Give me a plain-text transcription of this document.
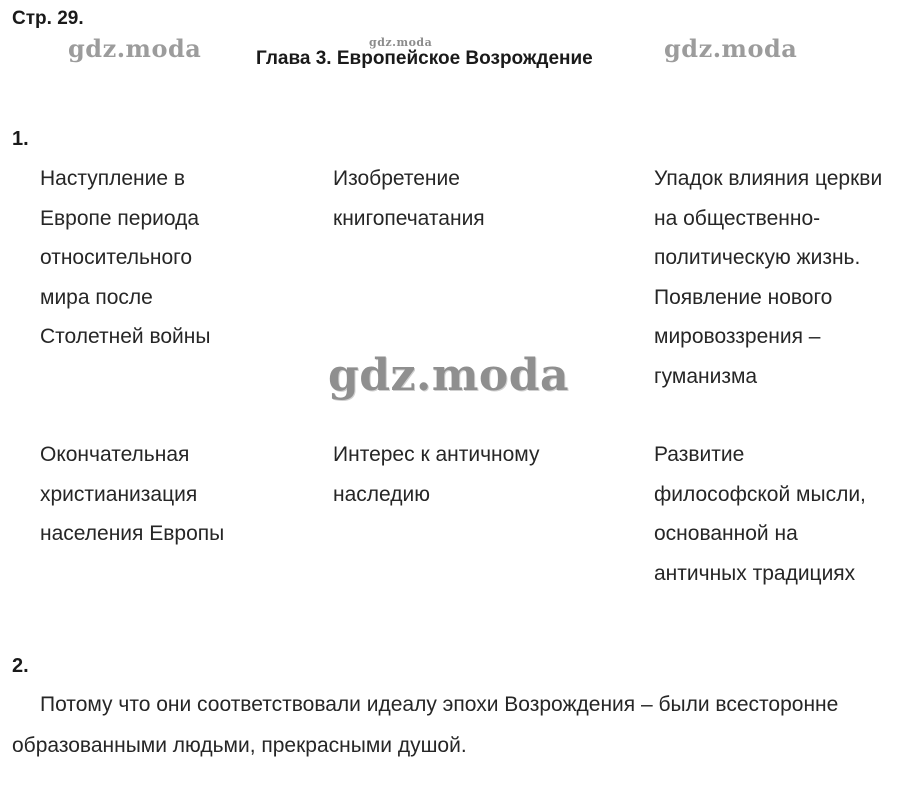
Стр. 29.
Глава 3. Европейское Возрождение
gdz.moda	gdz.moda	gdz.moda
1.
Наступление в
Европе периода
относительного
мира после
Столетней войны
Изобретение
книгопечатания
Упадок влияния церкви
на общественно-
политическую жизнь.
Появление нового
мировоззрения –
гуманизма
gdz.moda
Окончательная
христианизация
населения Европы
Интерес к античному
наследию
Развитие
философской мысли,
основанной на
античных традициях
2.
Потому что они соответствовали идеалу эпохи Возрождения – были всесторонне
образованными людьми, прекрасными душой.
